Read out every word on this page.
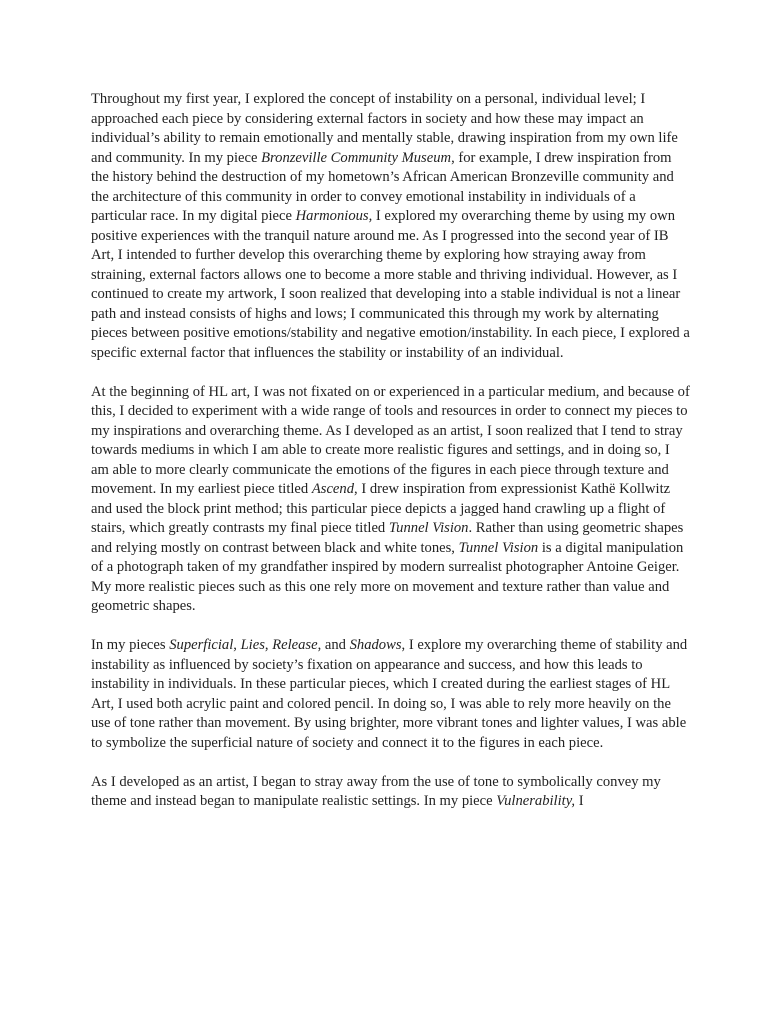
Throughout my first year, I explored the concept of instability on a personal, individual level; I approached each piece by considering external factors in society and how these may impact an individual’s ability to remain emotionally and mentally stable, drawing inspiration from my own life and community. In my piece Bronzeville Community Museum, for example, I drew inspiration from the history behind the destruction of my hometown’s African American Bronzeville community and the architecture of this community in order to convey emotional instability in individuals of a particular race. In my digital piece Harmonious, I explored my overarching theme by using my own positive experiences with the tranquil nature around me. As I progressed into the second year of IB Art, I intended to further develop this overarching theme by exploring how straying away from straining, external factors allows one to become a more stable and thriving individual. However, as I continued to create my artwork, I soon realized that developing into a stable individual is not a linear path and instead consists of highs and lows; I communicated this through my work by alternating pieces between positive emotions/stability and negative emotion/instability. In each piece, I explored a specific external factor that influences the stability or instability of an individual.

At the beginning of HL art, I was not fixated on or experienced in a particular medium, and because of this, I decided to experiment with a wide range of tools and resources in order to connect my pieces to my inspirations and overarching theme. As I developed as an artist, I soon realized that I tend to stray towards mediums in which I am able to create more realistic figures and settings, and in doing so, I am able to more clearly communicate the emotions of the figures in each piece through texture and movement. In my earliest piece titled Ascend, I drew inspiration from expressionist Kathë Kollwitz and used the block print method; this particular piece depicts a jagged hand crawling up a flight of stairs, which greatly contrasts my final piece titled Tunnel Vision. Rather than using geometric shapes and relying mostly on contrast between black and white tones, Tunnel Vision is a digital manipulation of a photograph taken of my grandfather inspired by modern surrealist photographer Antoine Geiger. My more realistic pieces such as this one rely more on movement and texture rather than value and geometric shapes.

In my pieces Superficial, Lies, Release, and Shadows, I explore my overarching theme of stability and instability as influenced by society’s fixation on appearance and success, and how this leads to instability in individuals. In these particular pieces, which I created during the earliest stages of HL Art, I used both acrylic paint and colored pencil. In doing so, I was able to rely more heavily on the use of tone rather than movement. By using brighter, more vibrant tones and lighter values, I was able to symbolize the superficial nature of society and connect it to the figures in each piece.

As I developed as an artist, I began to stray away from the use of tone to symbolically convey my theme and instead began to manipulate realistic settings. In my piece Vulnerability, I
